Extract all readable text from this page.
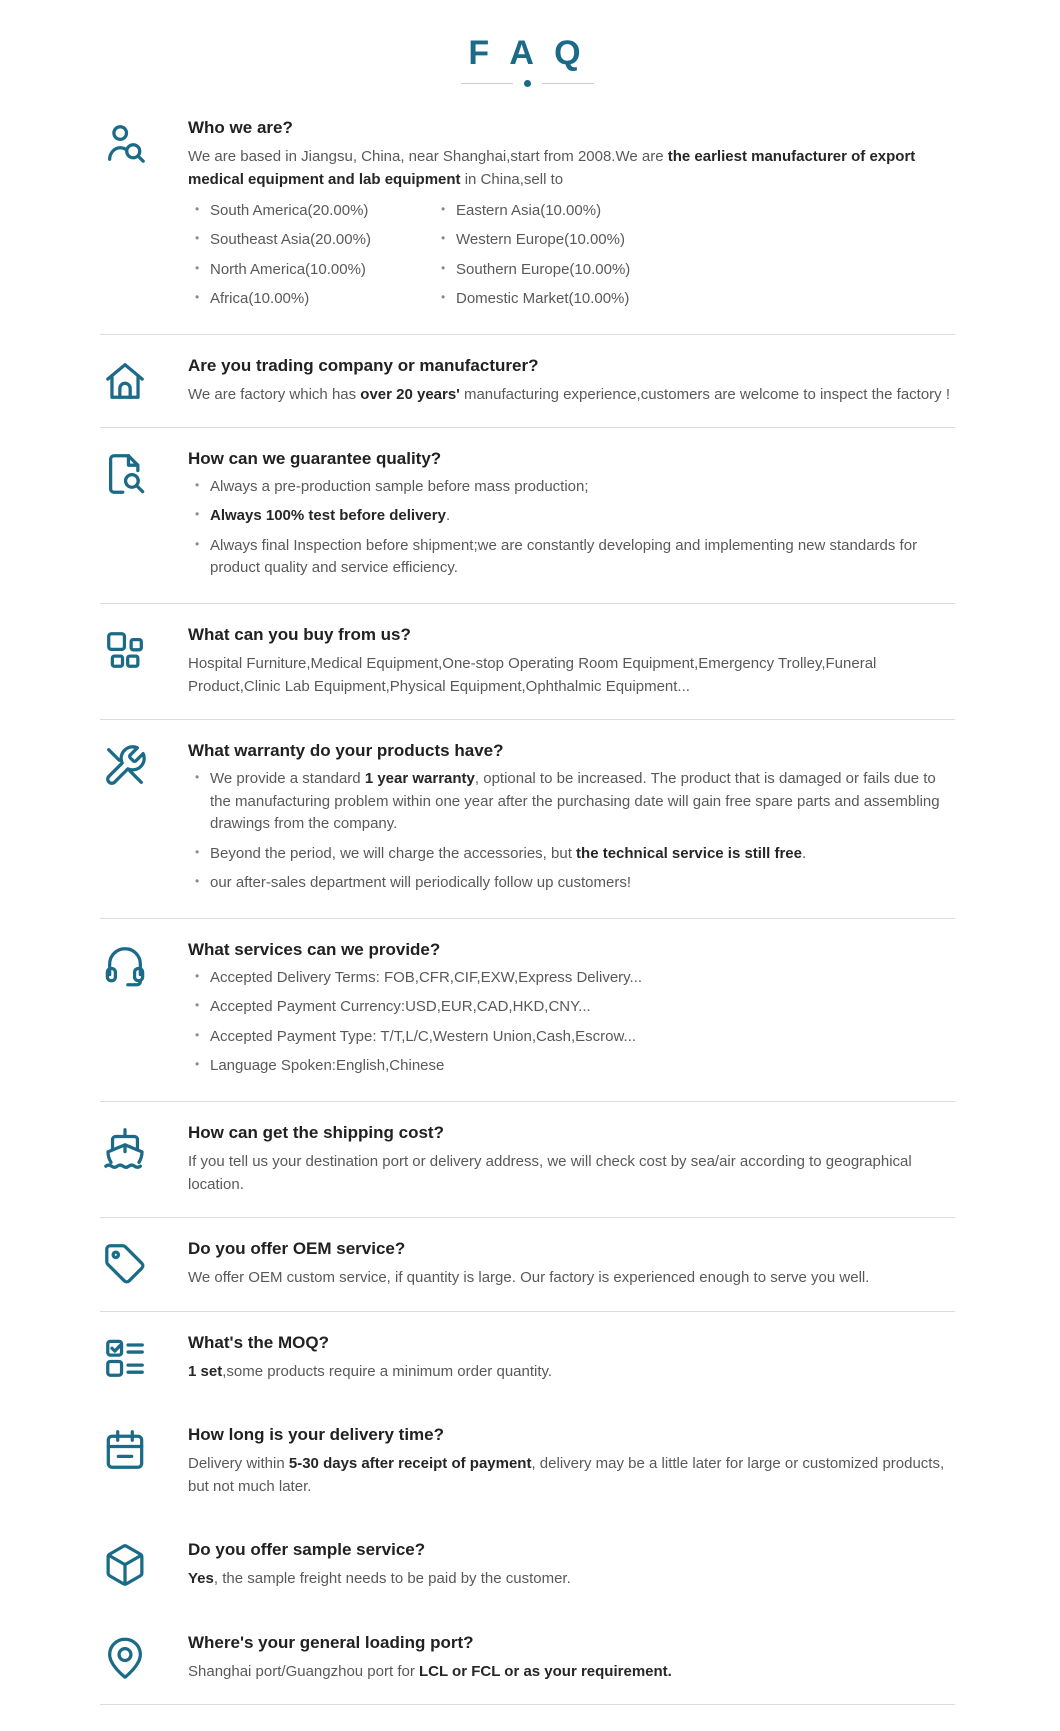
F A Q
Who we are?

We are based in Jiangsu, China, near Shanghai,start from 2008.We are the earliest manufacturer of export medical equipment and lab equipment in China,sell to

• South America(20.00%)
• Southeast Asia(20.00%)
• North America(10.00%)
• Africa(10.00%)
• Eastern Asia(10.00%)
• Western Europe(10.00%)
• Southern Europe(10.00%)
• Domestic Market(10.00%)
Are you trading company or manufacturer?

We are factory which has over 20 years' manufacturing experience,customers are welcome to inspect the factory !

How can we guarantee quality?
• Always a pre-production sample before mass production;
• Always 100% test before delivery.
• Always final Inspection before shipment;we are constantly developing and implementing new standards for product quality and service efficiency.
What can you buy from us?

Hospital Furniture,Medical Equipment,One-stop Operating Room Equipment,Emergency Trolley,Funeral Product,Clinic Lab Equipment,Physical Equipment,Ophthalmic Equipment...

What warranty do your products have?
• We provide a standard 1 year warranty, optional to be increased. The product that is damaged or fails due to the manufacturing problem within one year after the purchasing date will gain free spare parts and assembling drawings from the company.
• Beyond the period, we will charge the accessories, but the technical service is still free.
• our after-sales department will periodically follow up customers!
What services can we provide?
• Accepted Delivery Terms: FOB,CFR,CIF,EXW,Express Delivery...
• Accepted Payment Currency:USD,EUR,CAD,HKD,CNY...
• Accepted Payment Type: T/T,L/C,Western Union,Cash,Escrow...
• Language Spoken:English,Chinese
How can get the shipping cost?

If you tell us your destination port or delivery address, we will check cost by sea/air according to geographical location.

Do you offer OEM service?

We offer OEM custom service, if quantity is large. Our factory is experienced enough to serve you well.

What's the MOQ?

1 set,some products require a minimum order quantity.

How long is your delivery time?

Delivery within 5-30 days after receipt of payment, delivery may be a little later for large or customized products, but not much later.

Do you offer sample service?

Yes, the sample freight needs to be paid by the customer.

Where's your general loading port?

Shanghai port/Guangzhou port for LCL or FCL or as your requirement.
